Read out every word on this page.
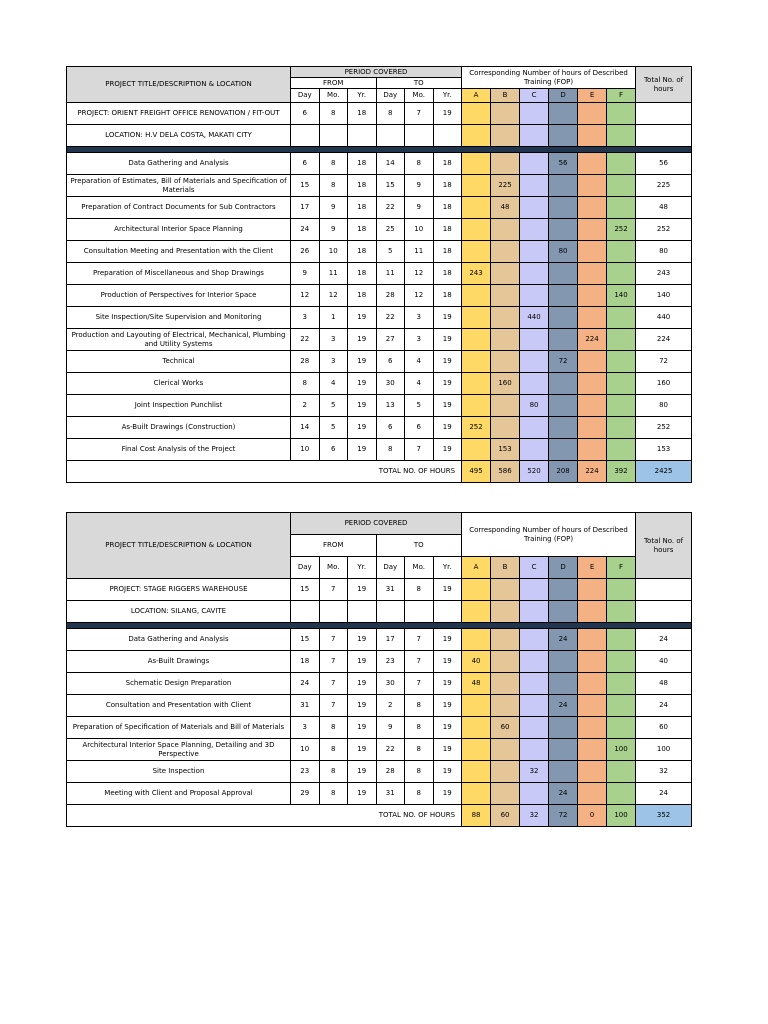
PROJECT TITLE/DESCRIPTION & LOCATION	PERIOD COVERED						Corresponding Number of hours of Described Training (FOP)						Total No. of hours
	FROM			TO									
	Day	Mo.	Yr.	Day	Mo.	Yr.	A	B	C	D	E	F	
PROJECT: ORIENT FREIGHT OFFICE RENOVATION / FIT-OUT	6	8	18	8	7	19							
LOCATION: H.V DELA COSTA, MAKATI CITY													

Data Gathering and Analysis	6	8	18	14	8	18				56			56
Preparation of Estimates, Bill of Materials and Specification of Materials	15	8	18	15	9	18		225					225
Preparation of Contract Documents for Sub Contractors	17	9	18	22	9	18		48					48
Architectural Interior Space Planning	24	9	18	25	10	18						252	252
Consultation Meeting and Presentation with the Client	26	10	18	5	11	18				80			80
Preparation of Miscellaneous and Shop Drawings	9	11	18	11	12	18	243						243
Production of Perspectives for Interior Space	12	12	18	28	12	18						140	140
Site Inspection/Site Supervision and Monitoring	3	1	19	22	3	19			440				440
Production and Layouting of Electrical, Mechanical, Plumbing and Utility Systems	22	3	19	27	3	19					224		224
Technical	28	3	19	6	4	19				72			72
Clerical Works	8	4	19	30	4	19		160					160
Joint Inspection Punchlist	2	5	19	13	5	19			80				80
As-Built Drawings (Construction)	14	5	19	6	6	19	252						252
Final Cost Analysis of the Project	10	6	19	8	7	19		153					153
TOTAL NO. OF HOURS							495	586	520	208	224	392	2425
PROJECT TITLE/DESCRIPTION & LOCATION	PERIOD COVERED						Corresponding Number of hours of Described Training (FOP)						Total No. of hours
	FROM			TO									
	Day	Mo.	Yr.	Day	Mo.	Yr.	A	B	C	D	E	F	
PROJECT: STAGE RIGGERS WAREHOUSE	15	7	19	31	8	19							
LOCATION: SILANG, CAVITE													

Data Gathering and Analysis	15	7	19	17	7	19				24			24
As-Built Drawings	18	7	19	23	7	19	40						40
Schematic Design Preparation	24	7	19	30	7	19	48						48
Consultation and Presentation with Client	31	7	19	2	8	19				24			24
Preparation of Specification of Materials and Bill of Materials	3	8	19	9	8	19		60					60
Architectural Interior Space Planning, Detailing and 3D Perspective	10	8	19	22	8	19						100	100
Site Inspection	23	8	19	28	8	19			32				32
Meeting with Client and Proposal Approval	29	8	19	31	8	19				24			24
TOTAL NO. OF HOURS							88	60	32	72	0	100	352
